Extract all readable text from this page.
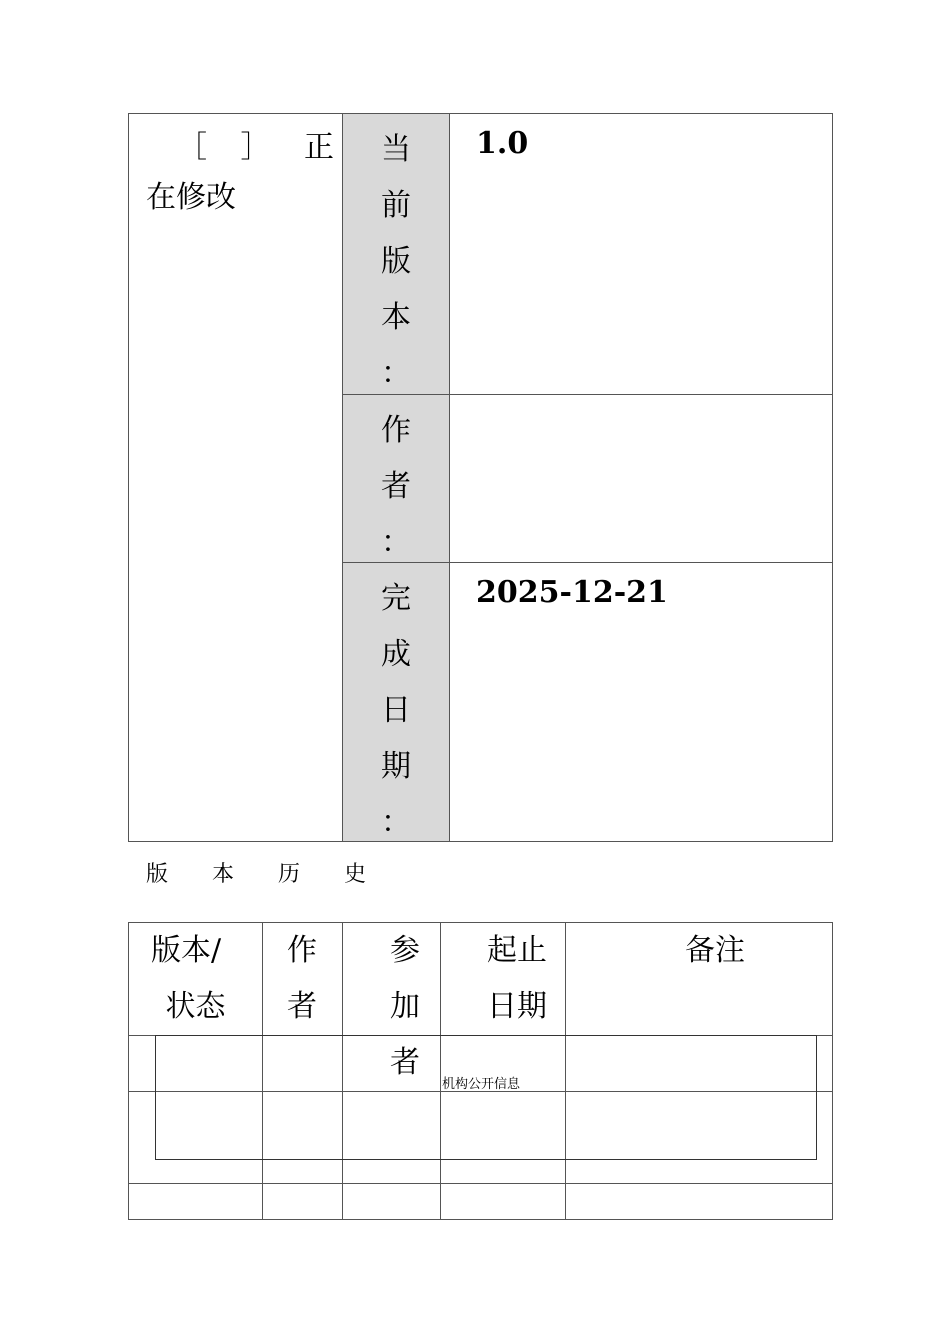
［ ］ 正
在修改
当
前
版
本
：
1.0
作
者
：
完
成
日
期
：
2025-12-21
版 本 历 史
版本/
状态
作
者
参
加
者
起止
日期
备注
机构公开信息
